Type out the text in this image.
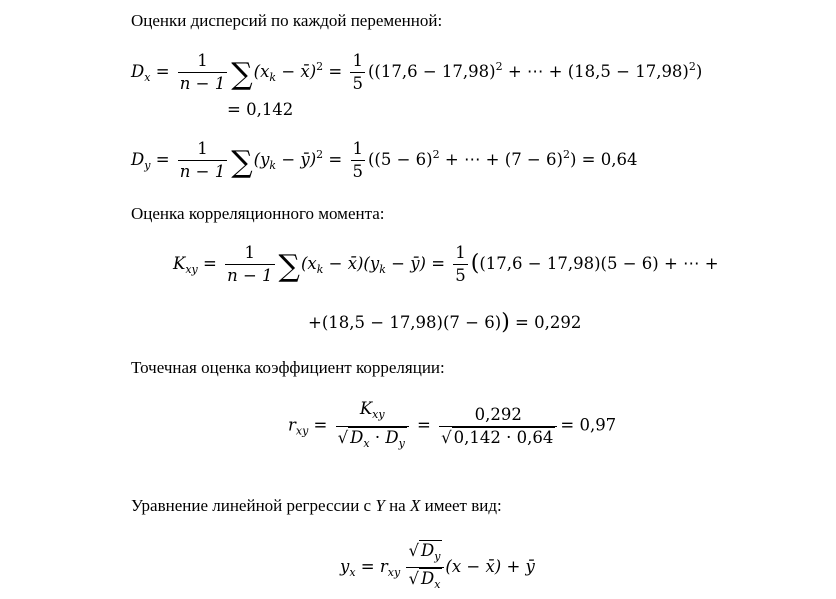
Оценки дисперсий по каждой переменной:
$D_x = \frac{1}{n - 1} \sum(x_k$ − x̄)$^2$ = $\frac{1}{5} ((17,6 - 17,98)^2$ + ⋯ + $(18,5 - 17,98)^2$)
= 0,142
$D_y = \frac{1}{n - 1} \sum(y_k$ − ȳ)$^2$ = $\frac{1}{5} ((5 - 6)^2$ + ⋯ + $(7 - 6)^2) = 0,64$
Оценка корреляционного момента:
$K_{xy} = \frac{1}{n - 1} \sum(x_k$ − $x̄)(y_k$ − ȳ) = $\frac{1}{5} ((17,6 - 17,98)(5 - 6)$ + ⋯ +
+(18,5 − 17,98)(7 − 6)) = 0,292
Точечная оценка коэффициент корреляции:
$r_{xy} = \frac{K_{xy}}{√ D_x \cdot D_y} = \frac{0,292}{√ 0,142 \cdot 0,64} = 0,97$
Уравнение линейной регрессии с Y на X имеет вид:
$y_x = r_{xy} \frac{√ D_y}{√ D_x} (x$ − x̄) + ȳ
